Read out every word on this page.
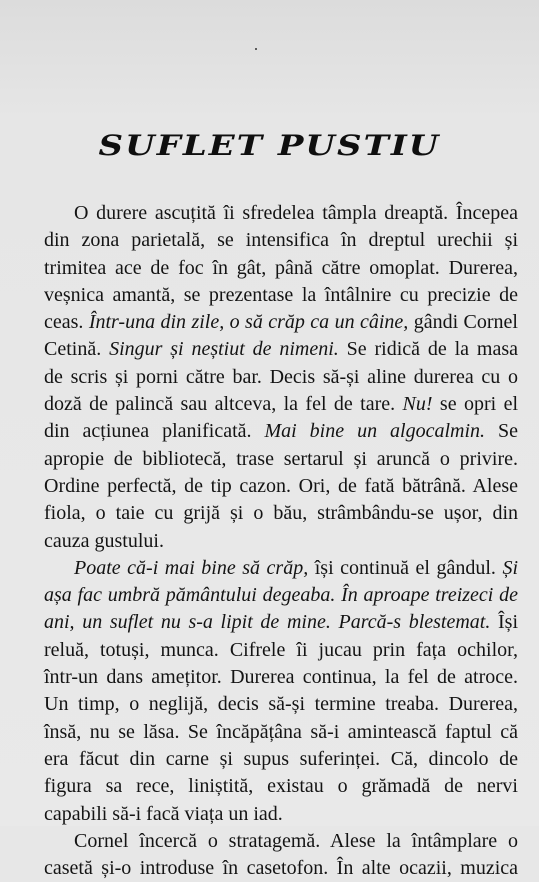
SUFLET PUSTIU
O durere ascuțită îi sfredelea tâmpla dreaptă. Începea
din zona parietală, se intensifica în dreptul urechii și
trimitea ace de foc în gât, până către omoplat. Durerea,
veșnica amantă, se prezentase la întâlnire cu precizie de
ceas. Într-una din zile, o să crăp ca un câine, gândi Cornel
Cetină. Singur și neștiut de nimeni. Se ridică de la masa
de scris și porni către bar. Decis să-și aline durerea cu o
doză de palincă sau altceva, la fel de tare. Nu! se opri el
din acțiunea planificată. Mai bine un algocalmin. Se
apropie de bibliotecă, trase sertarul și aruncă o privire.
Ordine perfectă, de tip cazon. Ori, de fată bătrână. Alese
fiola, o taie cu grijă și o bău, strâmbându-se ușor, din
cauza gustului.
Poate că-i mai bine să crăp, își continuă el gândul. Și
așa fac umbră pământului degeaba. În aproape treizeci de
ani, un suflet nu s-a lipit de mine. Parcă-s blestemat. Își
reluă, totuși, munca. Cifrele îi jucau prin fața ochilor,
într-un dans amețitor. Durerea continua, la fel de atroce.
Un timp, o neglijă, decis să-și termine treaba. Durerea,
însă, nu se lăsa. Se încăpățâna să-i amintească faptul că
era făcut din carne și supus suferinței. Că, dincolo de
figura sa rece, liniștită, existau o grămadă de nervi
capabili să-i facă viața un iad.
Cornel încercă o stratagemă. Alese la întâmplare o
casetă și-o introduse în casetofon. În alte ocazii, muzica
